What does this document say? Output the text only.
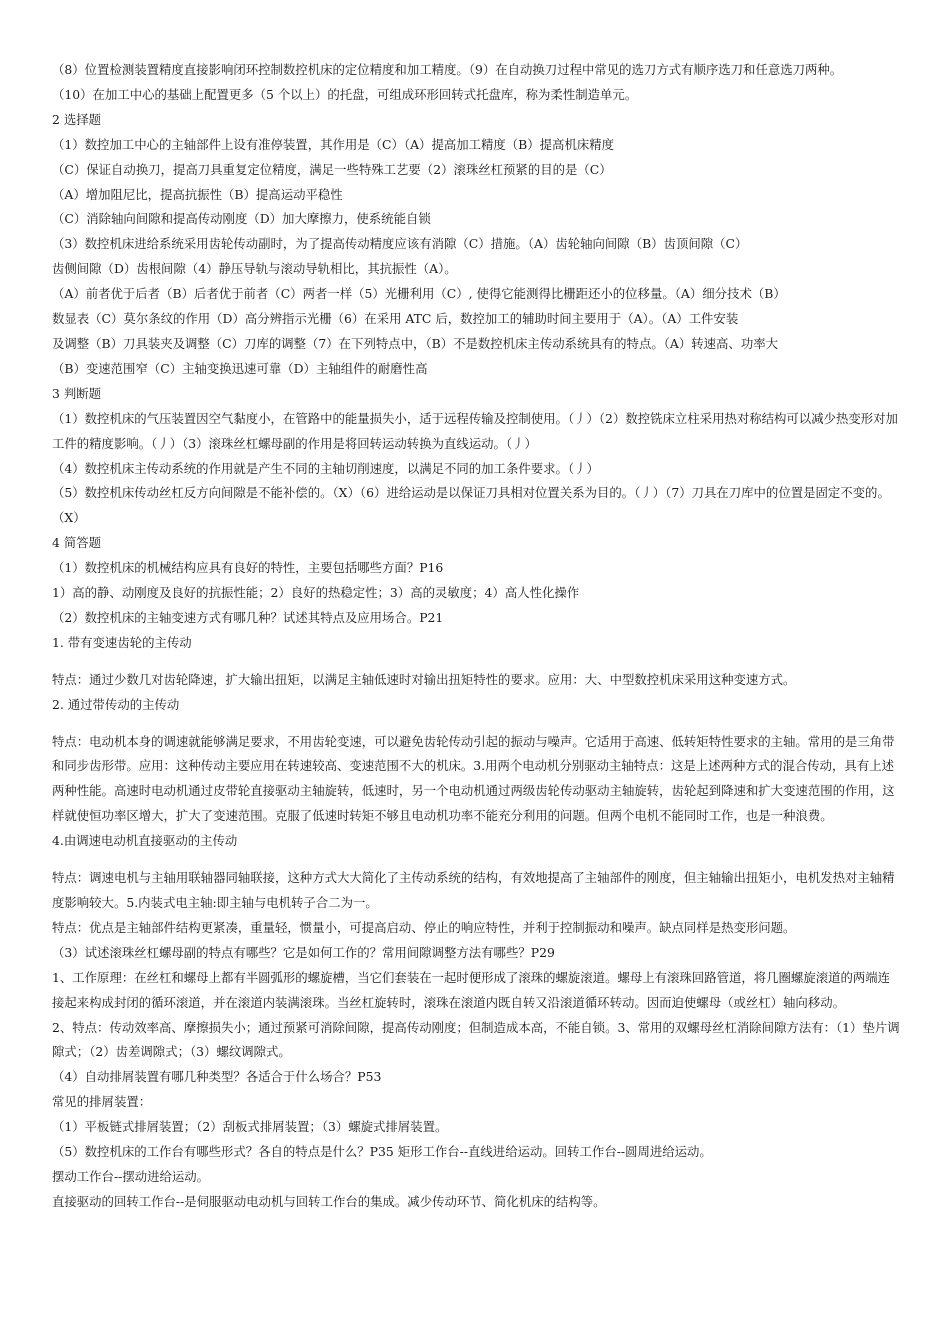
（8）位置检测装置精度直接影响闭环控制数控机床的定位精度和加工精度。（9）在自动换刀过程中常见的选刀方式有顺序选刀和任意选刀两种。

（10）在加工中心的基础上配置更多（5 个以上）的托盘，可组成环形回转式托盘库，称为柔性制造单元。

2 选择题

（1）数控加工中心的主轴部件上设有准停装置，其作用是（C）（A）提高加工精度（B）提高机床精度

（C）保证自动换刀，提高刀具重复定位精度，满足一些特殊工艺要（2）滚珠丝杠预紧的目的是（C）

（A）增加阻尼比，提高抗振性（B）提高运动平稳性

（C）消除轴向间隙和提高传动刚度（D）加大摩擦力，使系统能自锁

（3）数控机床进给系统采用齿轮传动副时，为了提高传动精度应该有消隙（C）措施。（A）齿轮轴向间隙（B）齿顶间隙（C）

齿侧间隙（D）齿根间隙（4）静压导轨与滚动导轨相比，其抗振性（A）。

（A）前者优于后者（B）后者优于前者（C）两者一样（5）光栅利用（C）, 使得它能测得比栅距还小的位移量。（A）细分技术（B）

数显表（C）莫尔条纹的作用（D）高分辨指示光栅（6）在采用 ATC 后，数控加工的辅助时间主要用于（A）。（A）工件安装

及调整（B）刀具装夹及调整（C）刀库的调整（7）在下列特点中，（B）不是数控机床主传动系统具有的特点。（A）转速高、功率大

（B）变速范围窄（C）主轴变换迅速可靠（D）主轴组件的耐磨性高

3 判断题

（1）数控机床的气压装置因空气黏度小，在管路中的能量损失小，适于远程传输及控制使用。（丿）（2）数控铣床立柱采用热对称结构可以减少热变形对加工件的精度影响。（丿）（3）滚珠丝杠螺母副的作用是将回转运动转换为直线运动。（丿）

（4）数控机床主传动系统的作用就是产生不同的主轴切削速度，以满足不同的加工条件要求。（丿）

（5）数控机床传动丝杠反方向间隙是不能补偿的。（X）（6）进给运动是以保证刀具相对位置关系为目的。（丿）（7）刀具在刀库中的位置是固定不变的。（X）

4 简答题

（1）数控机床的机械结构应具有良好的特性，主要包括哪些方面？P16

1）高的静、动刚度及良好的抗振性能；2）良好的热稳定性；3）高的灵敏度；4）高人性化操作

（2）数控机床的主轴变速方式有哪几种？试述其特点及应用场合。P21

1. 带有变速齿轮的主传动

特点：通过少数几对齿轮降速，扩大输出扭矩，以满足主轴低速时对输出扭矩特性的要求。应用：大、中型数控机床采用这种变速方式。

2. 通过带传动的主传动

特点：电动机本身的调速就能够满足要求，不用齿轮变速，可以避免齿轮传动引起的振动与噪声。它适用于高速、低转矩特性要求的主轴。常用的是三角带和同步齿形带。应用：这种传动主要应用在转速较高、变速范围不大的机床。3.用两个电动机分别驱动主轴特点：这是上述两种方式的混合传动，具有上述两种性能。高速时电动机通过皮带轮直接驱动主轴旋转，低速时，另一个电动机通过两级齿轮传动驱动主轴旋转，齿轮起到降速和扩大变速范围的作用，这样就使恒功率区增大，扩大了变速范围。克服了低速时转矩不够且电动机功率不能充分利用的问题。但两个电机不能同时工作，也是一种浪费。

4.由调速电动机直接驱动的主传动

特点：调速电机与主轴用联轴器同轴联接，这种方式大大简化了主传动系统的结构，有效地提高了主轴部件的刚度，但主轴输出扭矩小，电机发热对主轴精度影响较大。5.内装式电主轴:即主轴与电机转子合二为一。

特点：优点是主轴部件结构更紧凑，重量轻，惯量小，可提高启动、停止的响应特性，并利于控制振动和噪声。缺点同样是热变形问题。

（3）试述滚珠丝杠螺母副的特点有哪些？它是如何工作的？常用间隙调整方法有哪些？P29

1、工作原理：在丝杠和螺母上都有半圆弧形的螺旋槽，当它们套装在一起时便形成了滚珠的螺旋滚道。螺母上有滚珠回路管道，将几圈螺旋滚道的两端连接起来构成封闭的循环滚道，并在滚道内装满滚珠。当丝杠旋转时，滚珠在滚道内既自转又沿滚道循环转动。因而迫使螺母（或丝杠）轴向移动。

2、特点：传动效率高、摩擦损失小；通过预紧可消除间隙，提高传动刚度；但制造成本高，不能自锁。3、常用的双螺母丝杠消除间隙方法有：（1）垫片调隙式；（2）齿差调隙式；（3）螺纹调隙式。

（4）自动排屑装置有哪几种类型？各适合于什么场合？P53

常见的排屑装置：

（1）平板链式排屑装置；（2）刮板式排屑装置；（3）螺旋式排屑装置。

（5）数控机床的工作台有哪些形式？各自的特点是什么？P35 矩形工作台--直线进给运动。回转工作台--圆周进给运动。

摆动工作台--摆动进给运动。

直接驱动的回转工作台--是伺服驱动电动机与回转工作台的集成。减少传动环节、简化机床的结构等。
